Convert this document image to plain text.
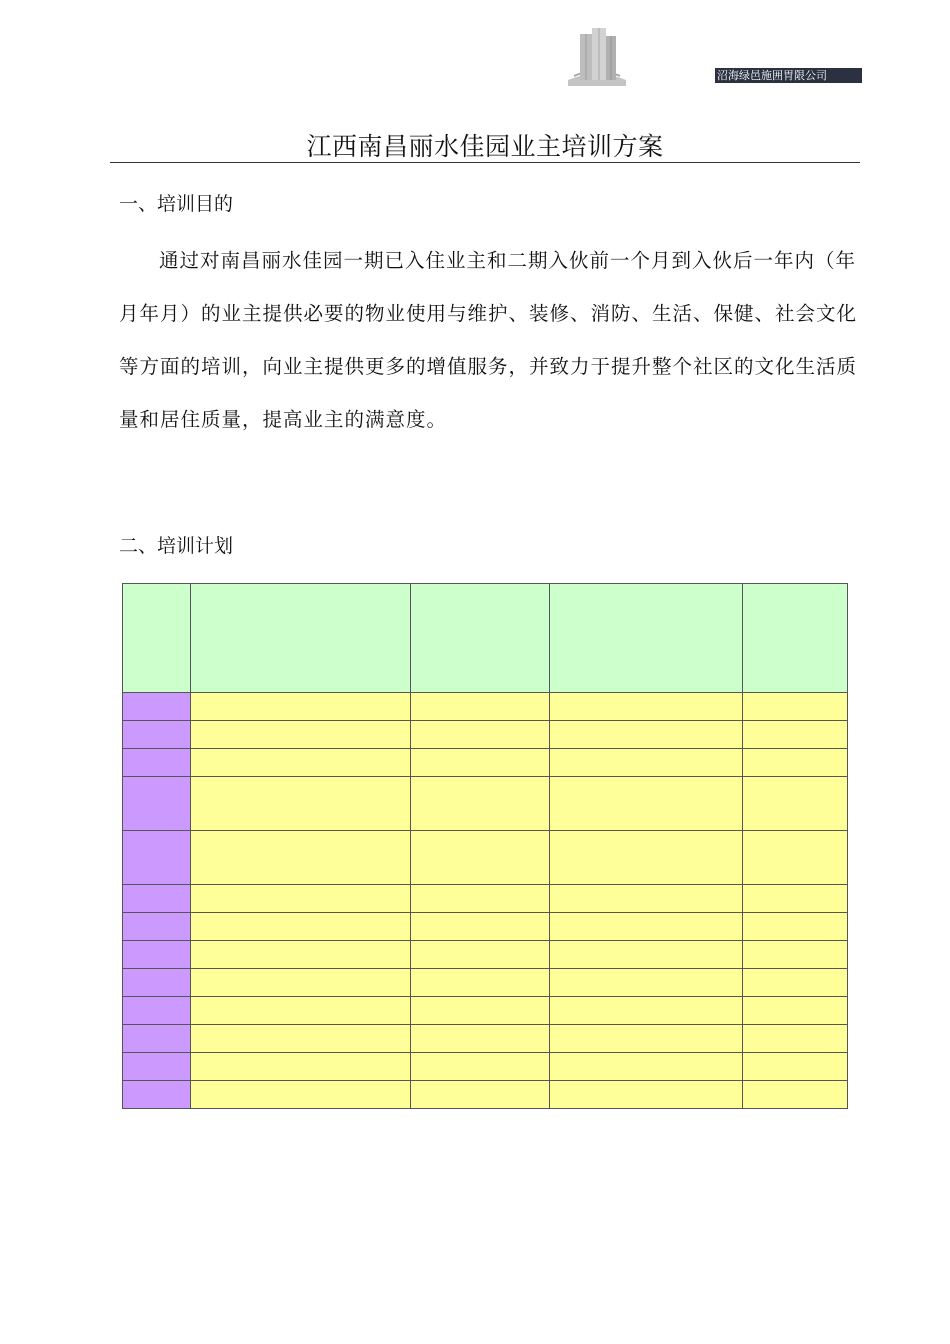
沼海绿邑施囲胃限公司
江西南昌丽水佳园业主培训方案
一、培训目的

通过对南昌丽水佳园一期已入住业主和二期入伙前一个月到入伙后一年内（年月年月）的业主提供必要的物业使用与维护、装修、消防、生活、保健、社会文化等方面的培训，向业主提供更多的增值服务，并致力于提升整个社区的文化生活质量和居住质量，提高业主的满意度。

二、培训计划
